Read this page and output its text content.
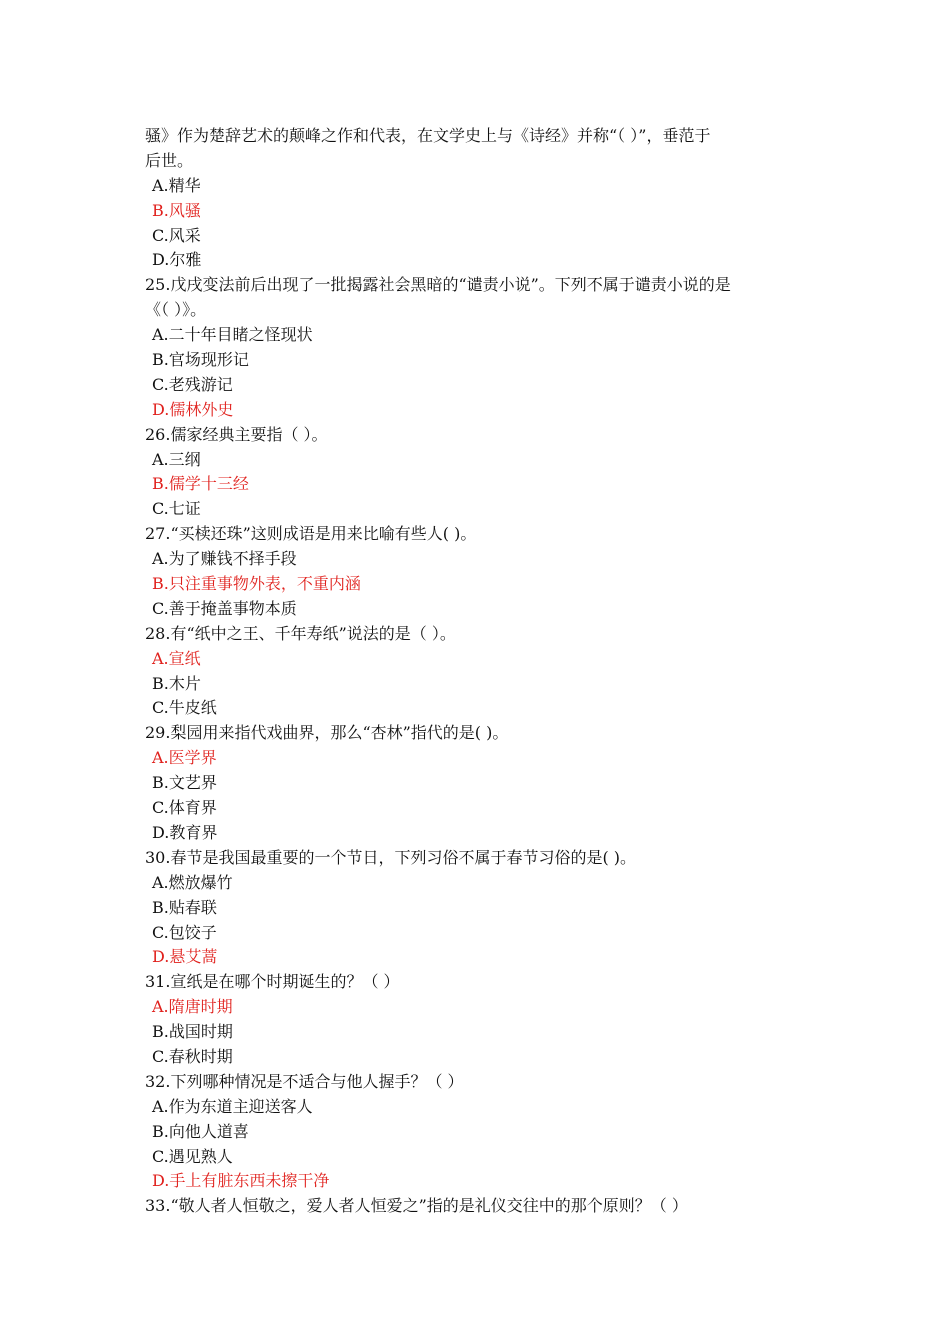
骚》作为楚辞艺术的颠峰之作和代表，在文学史上与《诗经》并称“（ ）”，垂范于
后世。
A.精华
B.风骚
C.风采
D.尔雅
25.戊戌变法前后出现了一批揭露社会黑暗的“谴责小说”。下列不属于谴责小说的是
《（ ）》。
A.二十年目睹之怪现状
B.官场现形记
C.老残游记
D.儒林外史
26.儒家经典主要指（ ）。
A.三纲
B.儒学十三经
C.七证
27.“买椟还珠”这则成语是用来比喻有些人( )。
A.为了赚钱不择手段
B.只注重事物外表，不重内涵
C.善于掩盖事物本质
28.有“纸中之王、千年寿纸”说法的是（ ）。
A.宣纸
B.木片
C.牛皮纸
29.梨园用来指代戏曲界，那么“杏林”指代的是( )。
A.医学界
B.文艺界
C.体育界
D.教育界
30.春节是我国最重要的一个节日，下列习俗不属于春节习俗的是( )。
A.燃放爆竹
B.贴春联
C.包饺子
D.悬艾蒿
31.宣纸是在哪个时期诞生的？（ ）
A.隋唐时期
B.战国时期
C.春秋时期
32.下列哪种情况是不适合与他人握手？（ ）
A.作为东道主迎送客人
B.向他人道喜
C.遇见熟人
D.手上有脏东西未擦干净
33.“敬人者人恒敬之，爱人者人恒爱之”指的是礼仪交往中的那个原则？（ ）
